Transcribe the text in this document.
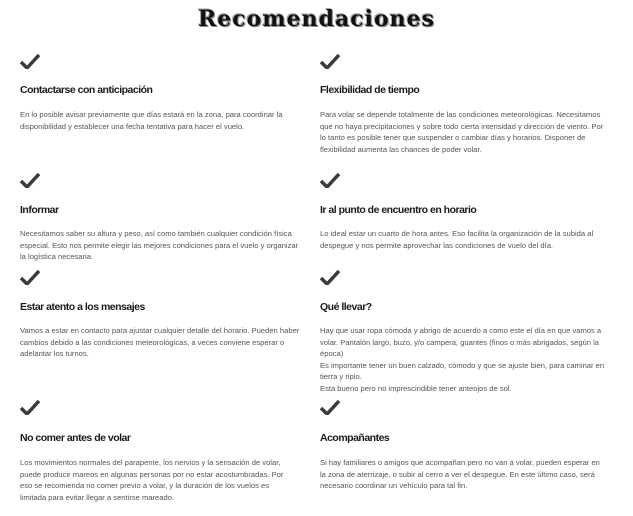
Recomendaciones
Contactarse con anticipación

En lo posible avisar previamente que días estará en la zona, para coordinar la disponibilidad y establecer una fecha tentativa para hacer el vuelo.

Flexibilidad de tiempo

Para volar se depende totalmente de las condiciones meteorológicas. Necesitamos que no haya precipitaciones y sobre todo cierta intensidad y dirección de viento. Por lo tanto es posible tener que suspender o cambiar días y horarios. Disponer de flexibilidad aumenta las chances de poder volar.

Informar

Necesitamos saber su altura y peso, así como también cualquier condición física especial. Esto nos permite elegir las mejores condiciones para el vuelo y organizar la logística necesaria.

Ir al punto de encuentro en horario

Lo ideal estar un cuarto de hora antes. Eso facilita la organización de la subida al despegue y nos permite aprovechar las condiciones de vuelo del día.

Estar atento a los mensajes

Vamos a estar en contacto para ajustar cualquier detalle del horario. Pueden haber cambios debido a las condiciones meteorológicas, a veces conviene esperar o adelantar los turnos.

Qué llevar?

Hay que usar ropa cómoda y abrigo de acuerdo a como este el día en que vamos a volar. Pantalón largo, buzo, y/o campera, guantes (finos o más abrigados, según la época)

Es importante tener un buen calzado, cómodo y que se ajuste bien, para caminar en tierra y ripio.

Esta bueno pero no imprescindible tener anteojos de sol.

No comer antes de volar

Los movimientos normales del parapente, los nervios y la sensación de volar, puede producir mareos en algunas personas por no estar acostumbradas. Por eso se recomienda no comer previo a volar, y la duración de los vuelos es limitada para evitar llegar a sentirse mareado.

Acompañantes

Si hay familiares o amigos que acompañan pero no van a volar, pueden esperar en la zona de aterrizaje, o subir al cerro a ver el despegue. En este último caso, será necesario coordinar un vehículo para tal fin.
